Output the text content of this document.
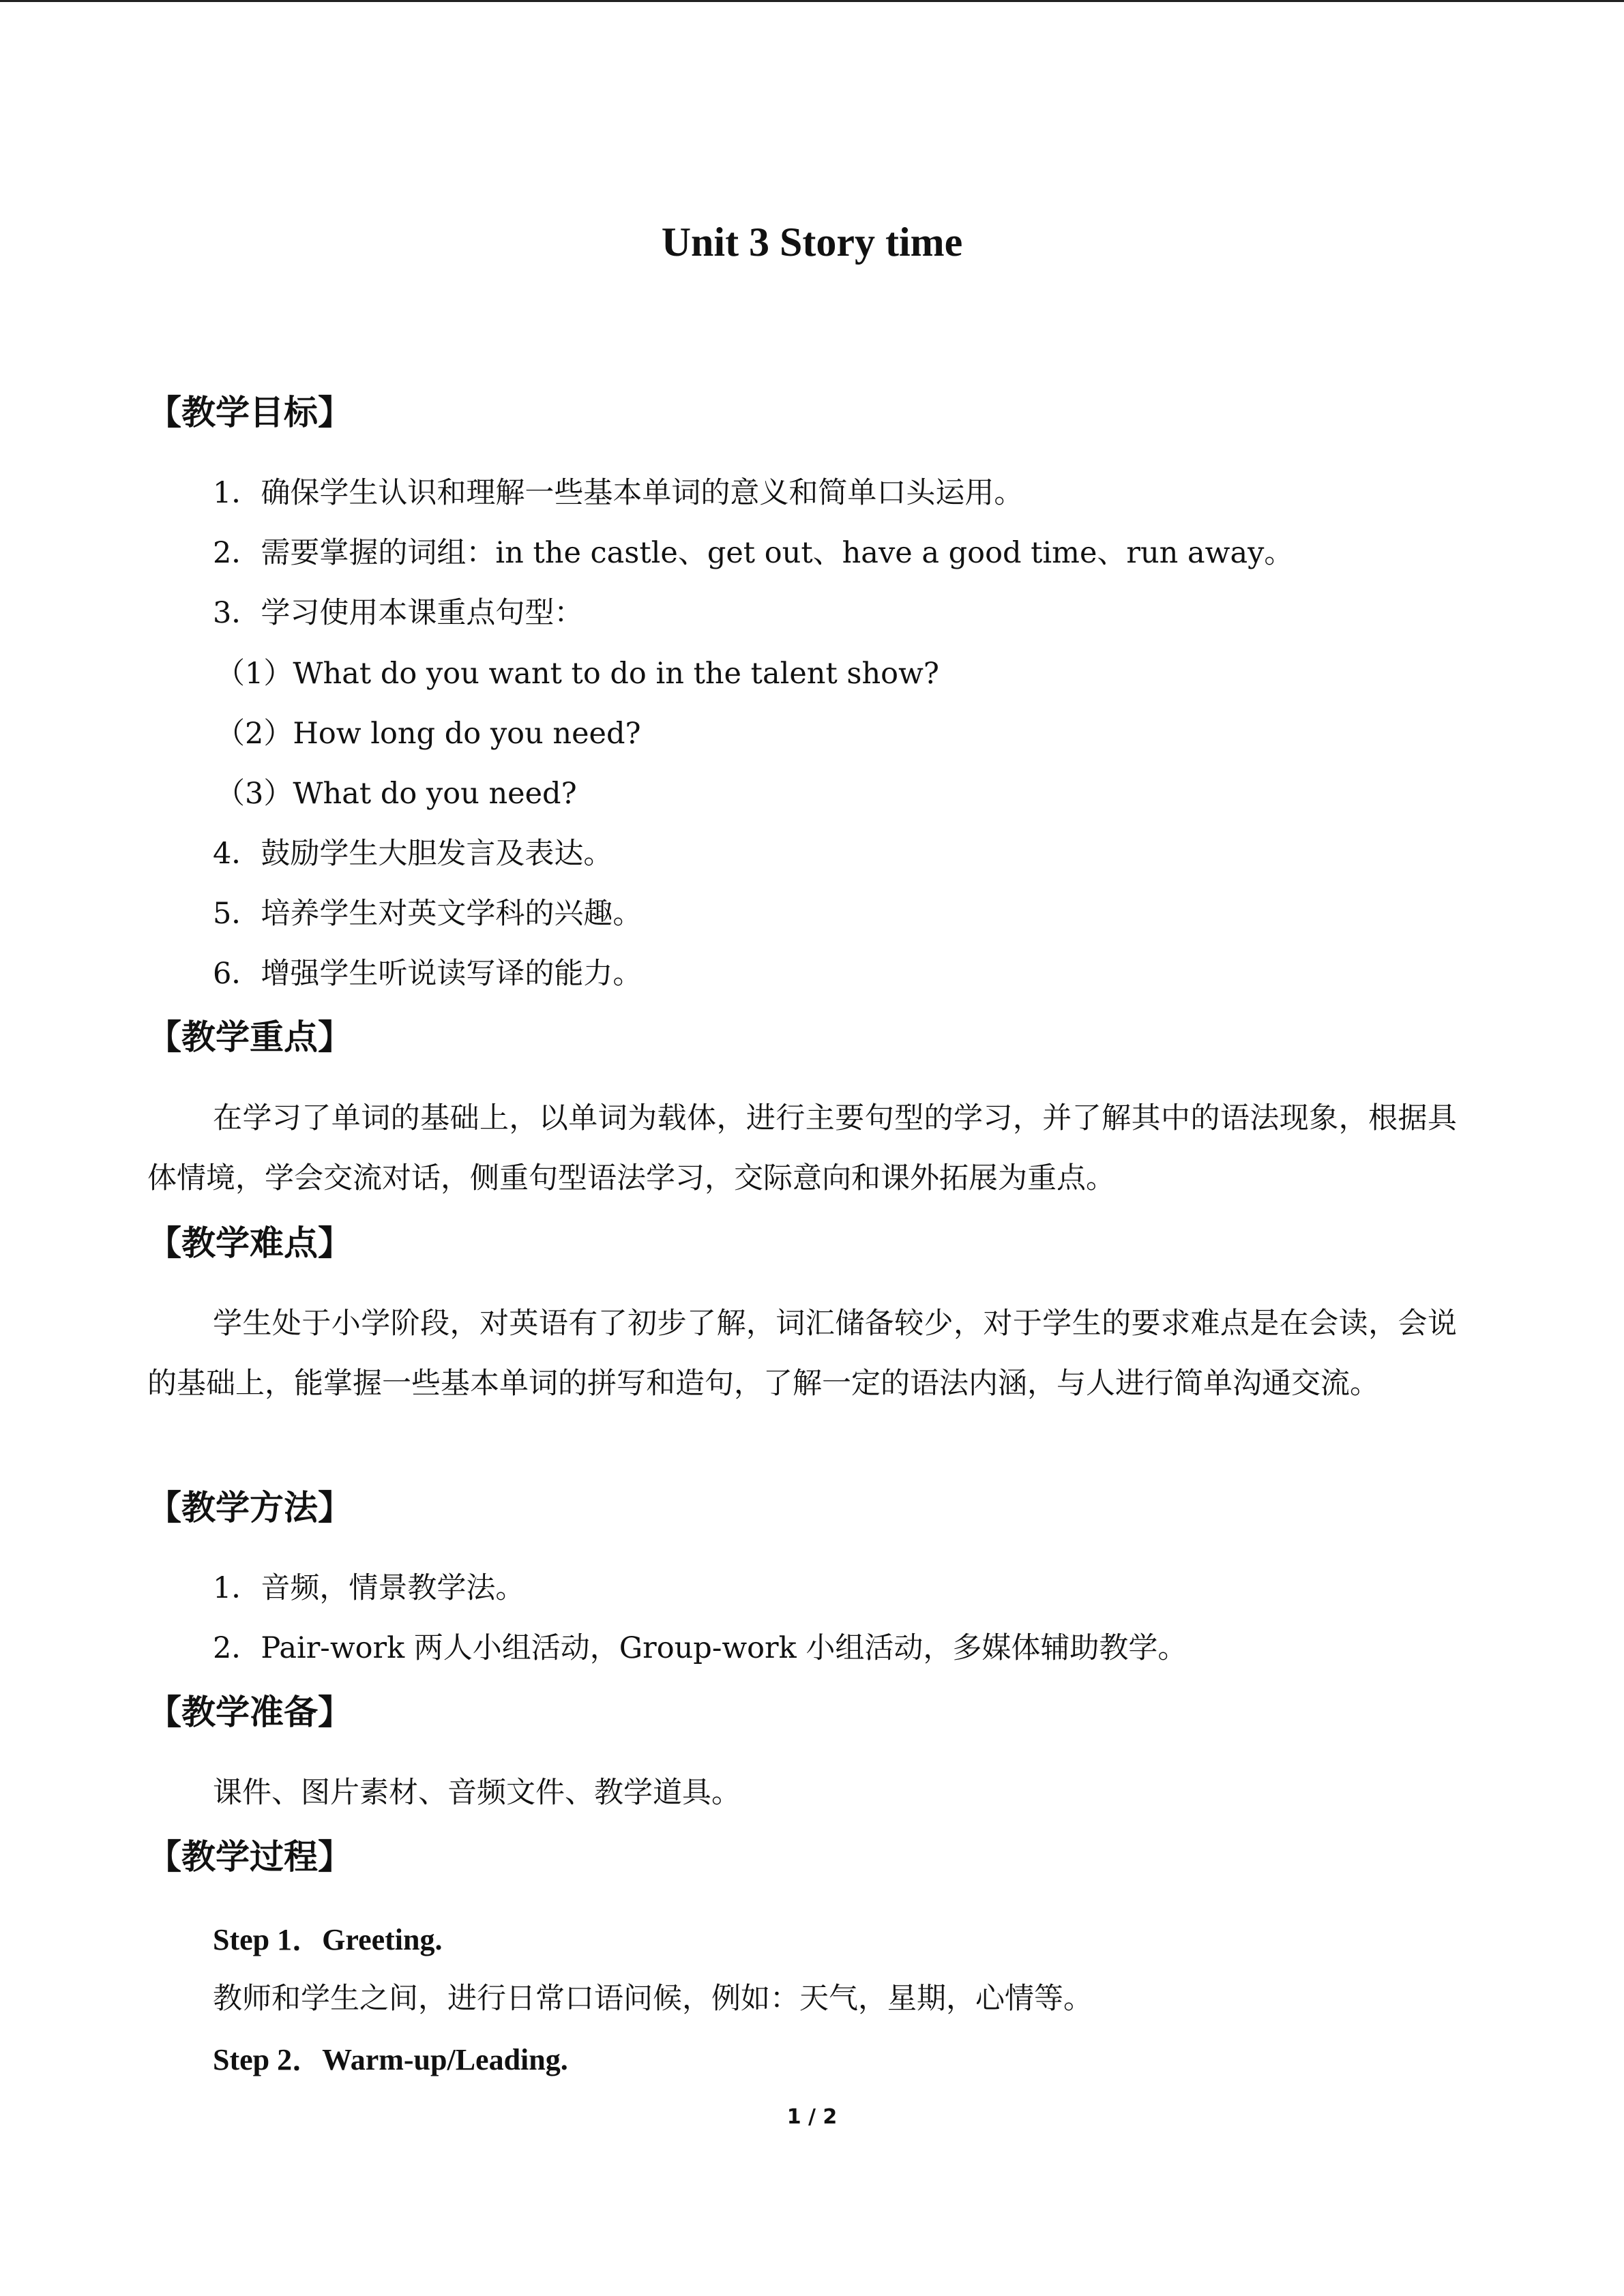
Unit 3 Story time
【教学目标】
1．确保学生认识和理解一些基本单词的意义和简单口头运用。
2．需要掌握的词组：in the castle、get out、have a good time、run away。
3．学习使用本课重点句型：
（1）What do you want to do in the talent show?
（2）How long do you need?
（3）What do you need?
4．鼓励学生大胆发言及表达。
5．培养学生对英文学科的兴趣。
6．增强学生听说读写译的能力。
【教学重点】
在学习了单词的基础上，以单词为载体，进行主要句型的学习，并了解其中的语法现象，根据具体情境，学会交流对话，侧重句型语法学习，交际意向和课外拓展为重点。
【教学难点】
学生处于小学阶段，对英语有了初步了解，词汇储备较少，对于学生的要求难点是在会读，会说的基础上，能掌握一些基本单词的拼写和造句，了解一定的语法内涵，与人进行简单沟通交流。
【教学方法】
1．音频，情景教学法。
2．Pair-work 两人小组活动，Group-work 小组活动，多媒体辅助教学。
【教学准备】
课件、图片素材、音频文件、教学道具。
【教学过程】
Step 1．Greeting.
教师和学生之间，进行日常口语问候，例如：天气，星期，心情等。
Step 2．Warm-up/Leading.
1 / 2
